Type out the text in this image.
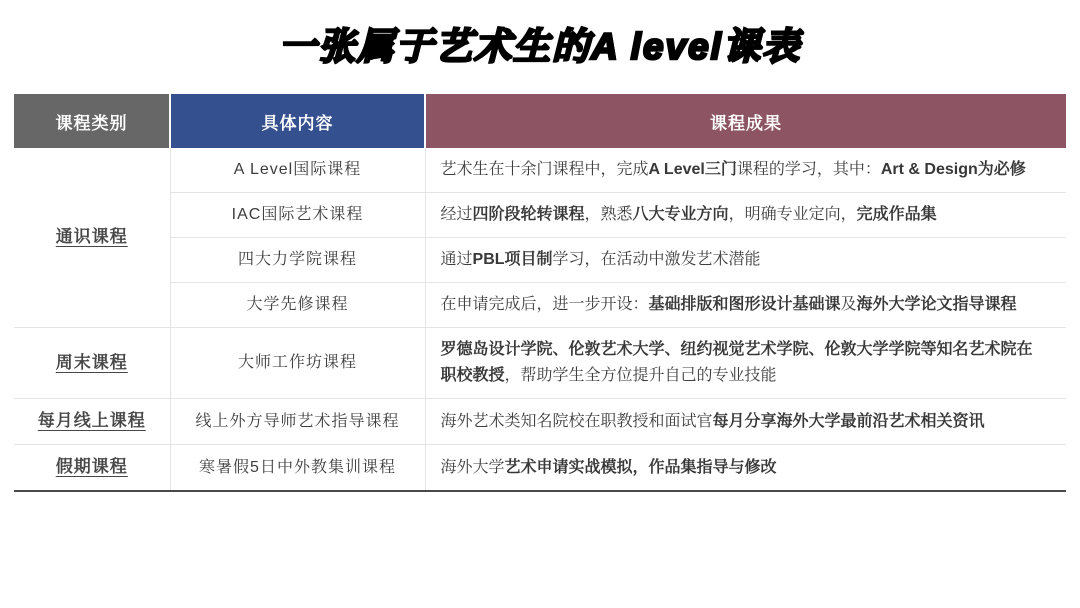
一张属于艺术生的A level课表
课程类别	具体内容	课程成果
通识课程	A Level国际课程	艺术生在十余门课程中，完成A Level三门课程的学习，其中：Art & Design为必修
	IAC国际艺术课程	经过四阶段轮转课程，熟悉八大专业方向，明确专业定向，完成作品集
	四大力学院课程	通过PBL项目制学习，在活动中激发艺术潜能
	大学先修课程	在申请完成后，进一步开设：基础排版和图形设计基础课及海外大学论文指导课程
周末课程	大师工作坊课程	罗德岛设计学院、伦敦艺术大学、纽约视觉艺术学院、伦敦大学学院等知名艺术院在职校教授，帮助学生全方位提升自己的专业技能
每月线上课程	线上外方导师艺术指导课程	海外艺术类知名院校在职教授和面试官每月分享海外大学最前沿艺术相关资讯
假期课程	寒暑假5日中外教集训课程	海外大学艺术申请实战模拟，作品集指导与修改
